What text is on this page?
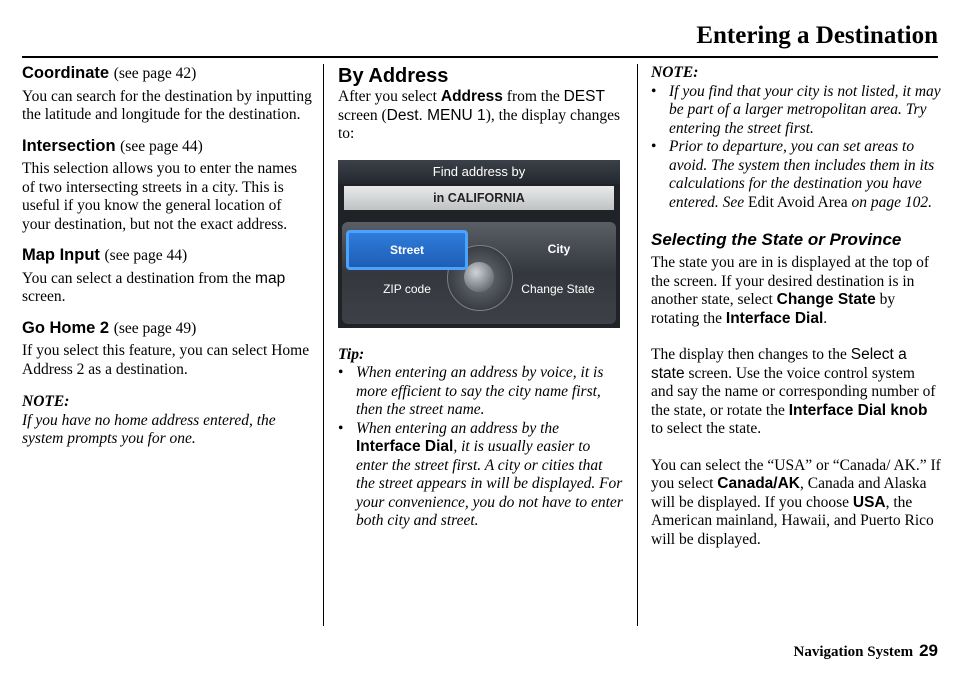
Entering a Destination
Coordinate (see page 42)

You can search for the destination by inputting the latitude and longitude for the destination.

Intersection (see page 44)

This selection allows you to enter the names of two intersecting streets in a city. This is useful if you know the general location of your destination, but not the exact address.

Map Input (see page 44)

You can select a destination from the map screen.

Go Home 2 (see page 49)

If you select this feature, you can select Home Address 2 as a destination.

NOTE:

If you have no home address entered, the system prompts you for one.

By Address

After you select Address from the DEST screen (Dest. MENU 1), the display changes to:

Find address by
in CALIFORNIA
Street	City
ZIP code	Change State

Tip:

• When entering an address by voice, it is more efficient to say the city name first, then the street name.
• When entering an address by the Interface Dial, it is usually easier to enter the street first. A city or cities that the street appears in will be displayed. For your convenience, you do not have to enter both city and street.

NOTE:

• If you find that your city is not listed, it may be part of a larger metropolitan area. Try entering the street first.
• Prior to departure, you can set areas to avoid. The system then includes them in its calculations for the destination you have entered. See Edit Avoid Area on page 102.
Selecting the State or Province

The state you are in is displayed at the top of the screen. If your desired destination is in another state, select Change State by rotating the Interface Dial.

The display then changes to the Select a state screen. Use the voice control system and say the name or corresponding number of the state, or rotate the Interface Dial knob to select the state.

You can select the “USA” or “Canada/ AK.” If you select Canada/AK, Canada and Alaska will be displayed. If you choose USA, the American mainland, Hawaii, and Puerto Rico will be displayed.

Navigation System 29
